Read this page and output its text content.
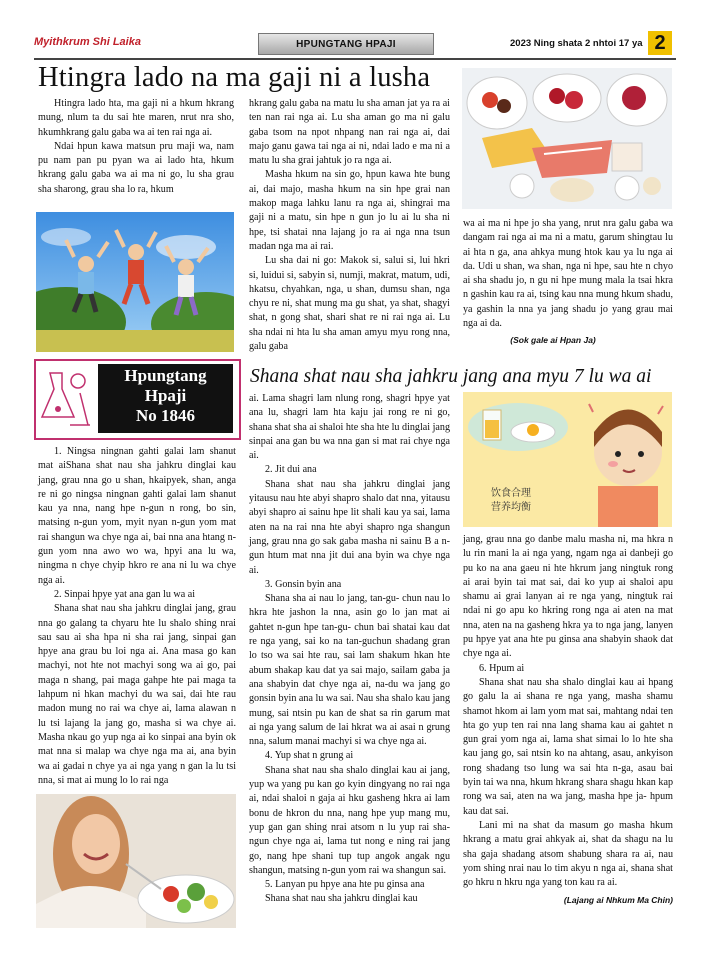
Myithkrum Shi Laika	HPUNGTANG HPAJI	2023 Ning shata 2 nhtoi 17 ya 2
Htingra lado na ma gaji ni a lusha

Htingra lado hta, ma gaji ni a hkum hkrang mung, nlum ta du sai hte maren, nrut nra sho, hkumhkrang galu gaba wa ai ten rai nga ai.

Ndai hpun kawa matsun pru maji wa, nam pu nam pan pu pyan wa ai lado hta, hkum hkrang galu gaba wa ai ma ni go, lu sha grau sha sharong, grau sha lo ra, hkum

hkrang galu gaba na matu lu sha aman jat ya ra ai ten nan rai nga ai. Lu sha aman go ma ni galu gaba tsom na npot nhpang nan rai nga ai, dai majo ganu gawa tai nga ai ni, ndai lado e ma ni a matu lu sha grai jahtuk jo ra nga ai.

Masha hkum na sin go, hpun kawa hte bung ai, dai majo, masha hkum na sin hpe grai nan makop maga lahku lanu ra nga ai, shingrai ma gaji ni a matu, sin hpe n gun jo lu ai lu sha ni hpe, tsi shatai nna lajang jo ra ai nga nna tsun madan nga ma ai rai.

Lu sha dai ni go: Makok si, salui si, lui hkri si, luidui si, sabyin si, numji, makrat, matum, udi, hkatsu, chyahkan, nga, u shan, dumsu shan, nga chyu re ni, shat mung ma gu shat, ya shat, shagyi shat, n gong shat, shari shat re ni rai nga ai. Lu sha ndai ni hta lu sha aman amyu myu rong nna, galu gaba

wa ai ma ni hpe jo sha yang, nrut nra galu gaba wa dangam rai nga ai ma ni a matu, garum shingtau lu ai hta n ga, ana ahkya mung htok kau ya lu nga ai da. Udi u shan, wa shan, nga ni hpe, sau hte n chyo ai sha shadu jo, n gu ni hpe mung mala la tsai hkra n gashin kau ra ai, tsing kau nna mung hkum shadu, ya gashin la nna ya jang shadu jo yang grau mai nga ai da.

(Sok gale ai Hpan Ja)

Hpungtang
Hpaji
No 1846
Shana shat nau sha jahkru jang ana myu 7 lu wa ai

1. Ningsa ningnan gahti galai lam shanut mat aiShana shat nau sha jahkru dinglai kau jang, grau nna go u shan, hkaipyek, shan, anga re ni go ningsa ningnan gahti galai lam shanut kau ya nna, nang hpe n-gun n rong, bo sin, matsing n-gun yom, myit nyan n-gun yom mat rai shangun wa chye nga ai, bai nna ana htang n-gun yom nna awo wo wa, hpyi ana lu wa, ningma n chye chyip hkro re ana ni lu wa chye nga ai.

2. Sinpai hpye yat ana gan lu wa ai

Shana shat nau sha jahkru dinglai jang, grau nna go galang ta chyaru hte lu shalo shing nrai sau sau ai sha hpa ni sha rai jang, sinpai gan hpye ana grau bu loi nga ai. Ana masa go kan machyi, not hte not machyi song wa ai go, pai maga n shang, pai maga gahpe hte pai maga ta lahpum ni hkan machyi du wa sai, dai hte rau madon mung no rai wa chye ai, lama alawan n lu tsi lajang la jang go, masha si wa chye ai. Masha nkau go yup nga ai ko sinpai ana byin ok mat nna si malap wa chye nga ma ai, ana byin wa ai gadai n chye ya ai nga yang n gan la lu tsi nna, si mat ai mung lo lo rai nga

ai. Lama shagri lam nlung rong, shagri hpye yat ana lu, shagri lam hta kaju jai rong re ni go, shana shat sha ai shaloi hte sha hte lu dinglai jang sinpai ana gan bu wa nna gan si mat rai chye nga ai.

2. Jit dui ana

Shana shat nau sha jahkru dinglai jang yitausu nau hte abyi shapro shalo dat nna, yitausu abyi shapro ai sainu hpe lit shali kau ya sai, lama aten na na rai nna hte abyi shapro nga shangun jang, grau nna go sak gaba masha ni sainu B a n-gun htum mat nna jit dui ana byin wa chye nga ai.

3. Gonsin byin ana

Shana sha ai nau lo jang, tan-gu- chun nau lo hkra hte jashon la nna, asin go lo jan mat ai gahtet n-gun hpe tan-gu- chun bai shatai kau dat re nga yang, sai ko na tan-guchun shadang gran lo tso wa sai hte rau, sai lam shakum hkan hte abum shakap kau dat ya sai majo, sailam gaba ja ana shabyin dat chye nga ai, na-du wa jang go gonsin byin ana lu wa sai. Nau sha shalo kau jang mung, sai ntsin pu kan de shat sa rin garum mat ai nga yang salum de lai hkrat wa ai asai n grung nna, salum manai machyi si wa chye nga ai.

4. Yup shat n grung ai

Shana shat nau sha shalo dinglai kau ai jang, yup wa yang pu kan go kyin dingyang no rai nga ai, ndai shaloi n gaja ai hku gasheng hkra ai lam bonu de hkron du nna, nang hpe yup mang mu, yup gan gan shing nrai atsom n lu yup rai sha- ngun chye nga ai, lama tut nong e ning rai jang go, nang hpe shani tup tup angok angak ngu shangun, matsing n-gun yom rai wa shangun sai.

5. Lanyan pu hpye ana hte pu ginsa ana

Shana shat nau sha jahkru dinglai kau

饮食合理
营养均衡

jang, grau nna go danbe malu masha ni, ma hkra n lu rin mani la ai nga yang, ngam nga ai danbeji go pu ko na ana gaeu ni hte hkrum jang ningtuk rong ai arai byin tai mat sai, dai ko yup ai shaloi apu shamu ai grai lanyan ai re nga yang, ningtuk rai ndai ni go apu ko hkring rong nga ai aten na mat nna, aten na na gasheng hkra ya to nga jang, lanyen pu hpye yat ana hte pu ginsa ana shabyin shaok dat chye nga ai.

6. Hpum ai

Shana shat nau sha shalo dinglai kau ai hpang go galu la ai shana re nga yang, masha shamu shamot hkom ai lam yom mat sai, mahtang ndai ten hta go yup ten rai nna lang shama kau ai gahtet n gun grai yom nga ai, lama shat simai lo lo hte sha kau jang go, sai ntsin ko na ahtang, asau, ankyison rong shadang tso lung wa sai hta n-ga, asau bai byin tai wa nna, hkum hkrang shara shagu hkan kap rong wa sai, aten na wa jang, masha hpe ja- hpum kau dat sai.

Lani mi na shat da masum go masha hkum hkrang a matu grai ahkyak ai, shat da shagu na lu sha gaja shadang atsom shabung shara ra ai, nau yom shing nrai nau lo tim akyu n nga ai, shana shat go hkru n hkru nga yang ton kau ra ai.

(Lajang ai Nhkum Ma Chin)
